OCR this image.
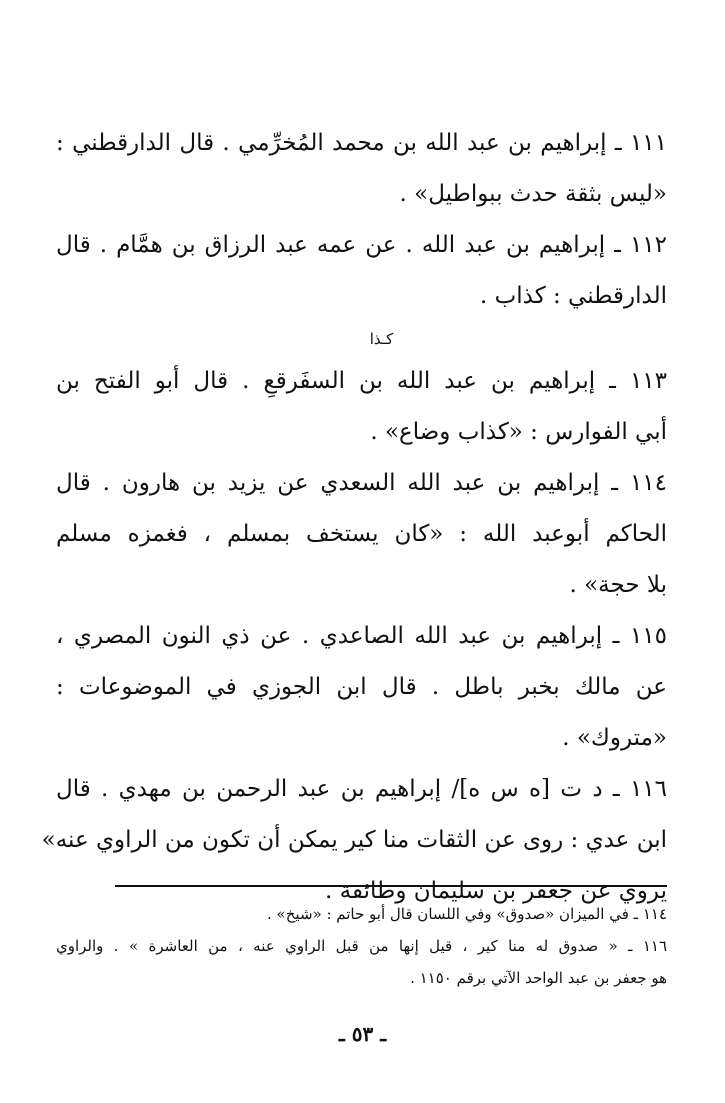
١١١ ـ إبراهيم بن عبد الله بن محمد المُخرِّمي . قال الدارقطني :
«ليس بثقة حدث ببواطيل» .
١١٢ ـ إبراهيم بن عبد الله . عن عمه عبد الرزاق بن همَّام . قال
الدارقطني : كذاب .
كـذا
١١٣ ـ إبراهيم بن عبد الله بن السفَرقعِ . قال أبو الفتح بن
أبي الفوارس : «كذاب وضاع» .
١١٤ ـ إبراهيم بن عبد الله السعدي عن يزيد بن هارون . قال
الحاكم أبوعبد الله : «كان يستخف بمسلم ، فغمزه مسلم
بلا حجة» .
١١٥ ـ إبراهيم بن عبد الله الصاعدي . عن ذي النون المصري ،
عن مالك بخبر باطل . قال ابن الجوزي في الموضوعات :
«متروك» .
١١٦ ـ د ت [ه س ه]/ إبراهيم بن عبد الرحمن بن مهدي . قال
ابن عدي : روى عن الثقات منا كير يمكن أن تكون من الراوي عنه»
يروي عن جعفر بن سليمان وطائفة .
١١٤ ـ في الميزان «صدوق» وفي اللسان قال أبو حاتم : «شيخ» .
١١٦ ـ « صدوق له منا كير ، قيل إنها من قبل الراوي عنه ، من العاشرة » . والراوي
هو جعفر بن عبد الواحد الآتي برقم ١١٥٠ .
ـ ٥٣ ـ
